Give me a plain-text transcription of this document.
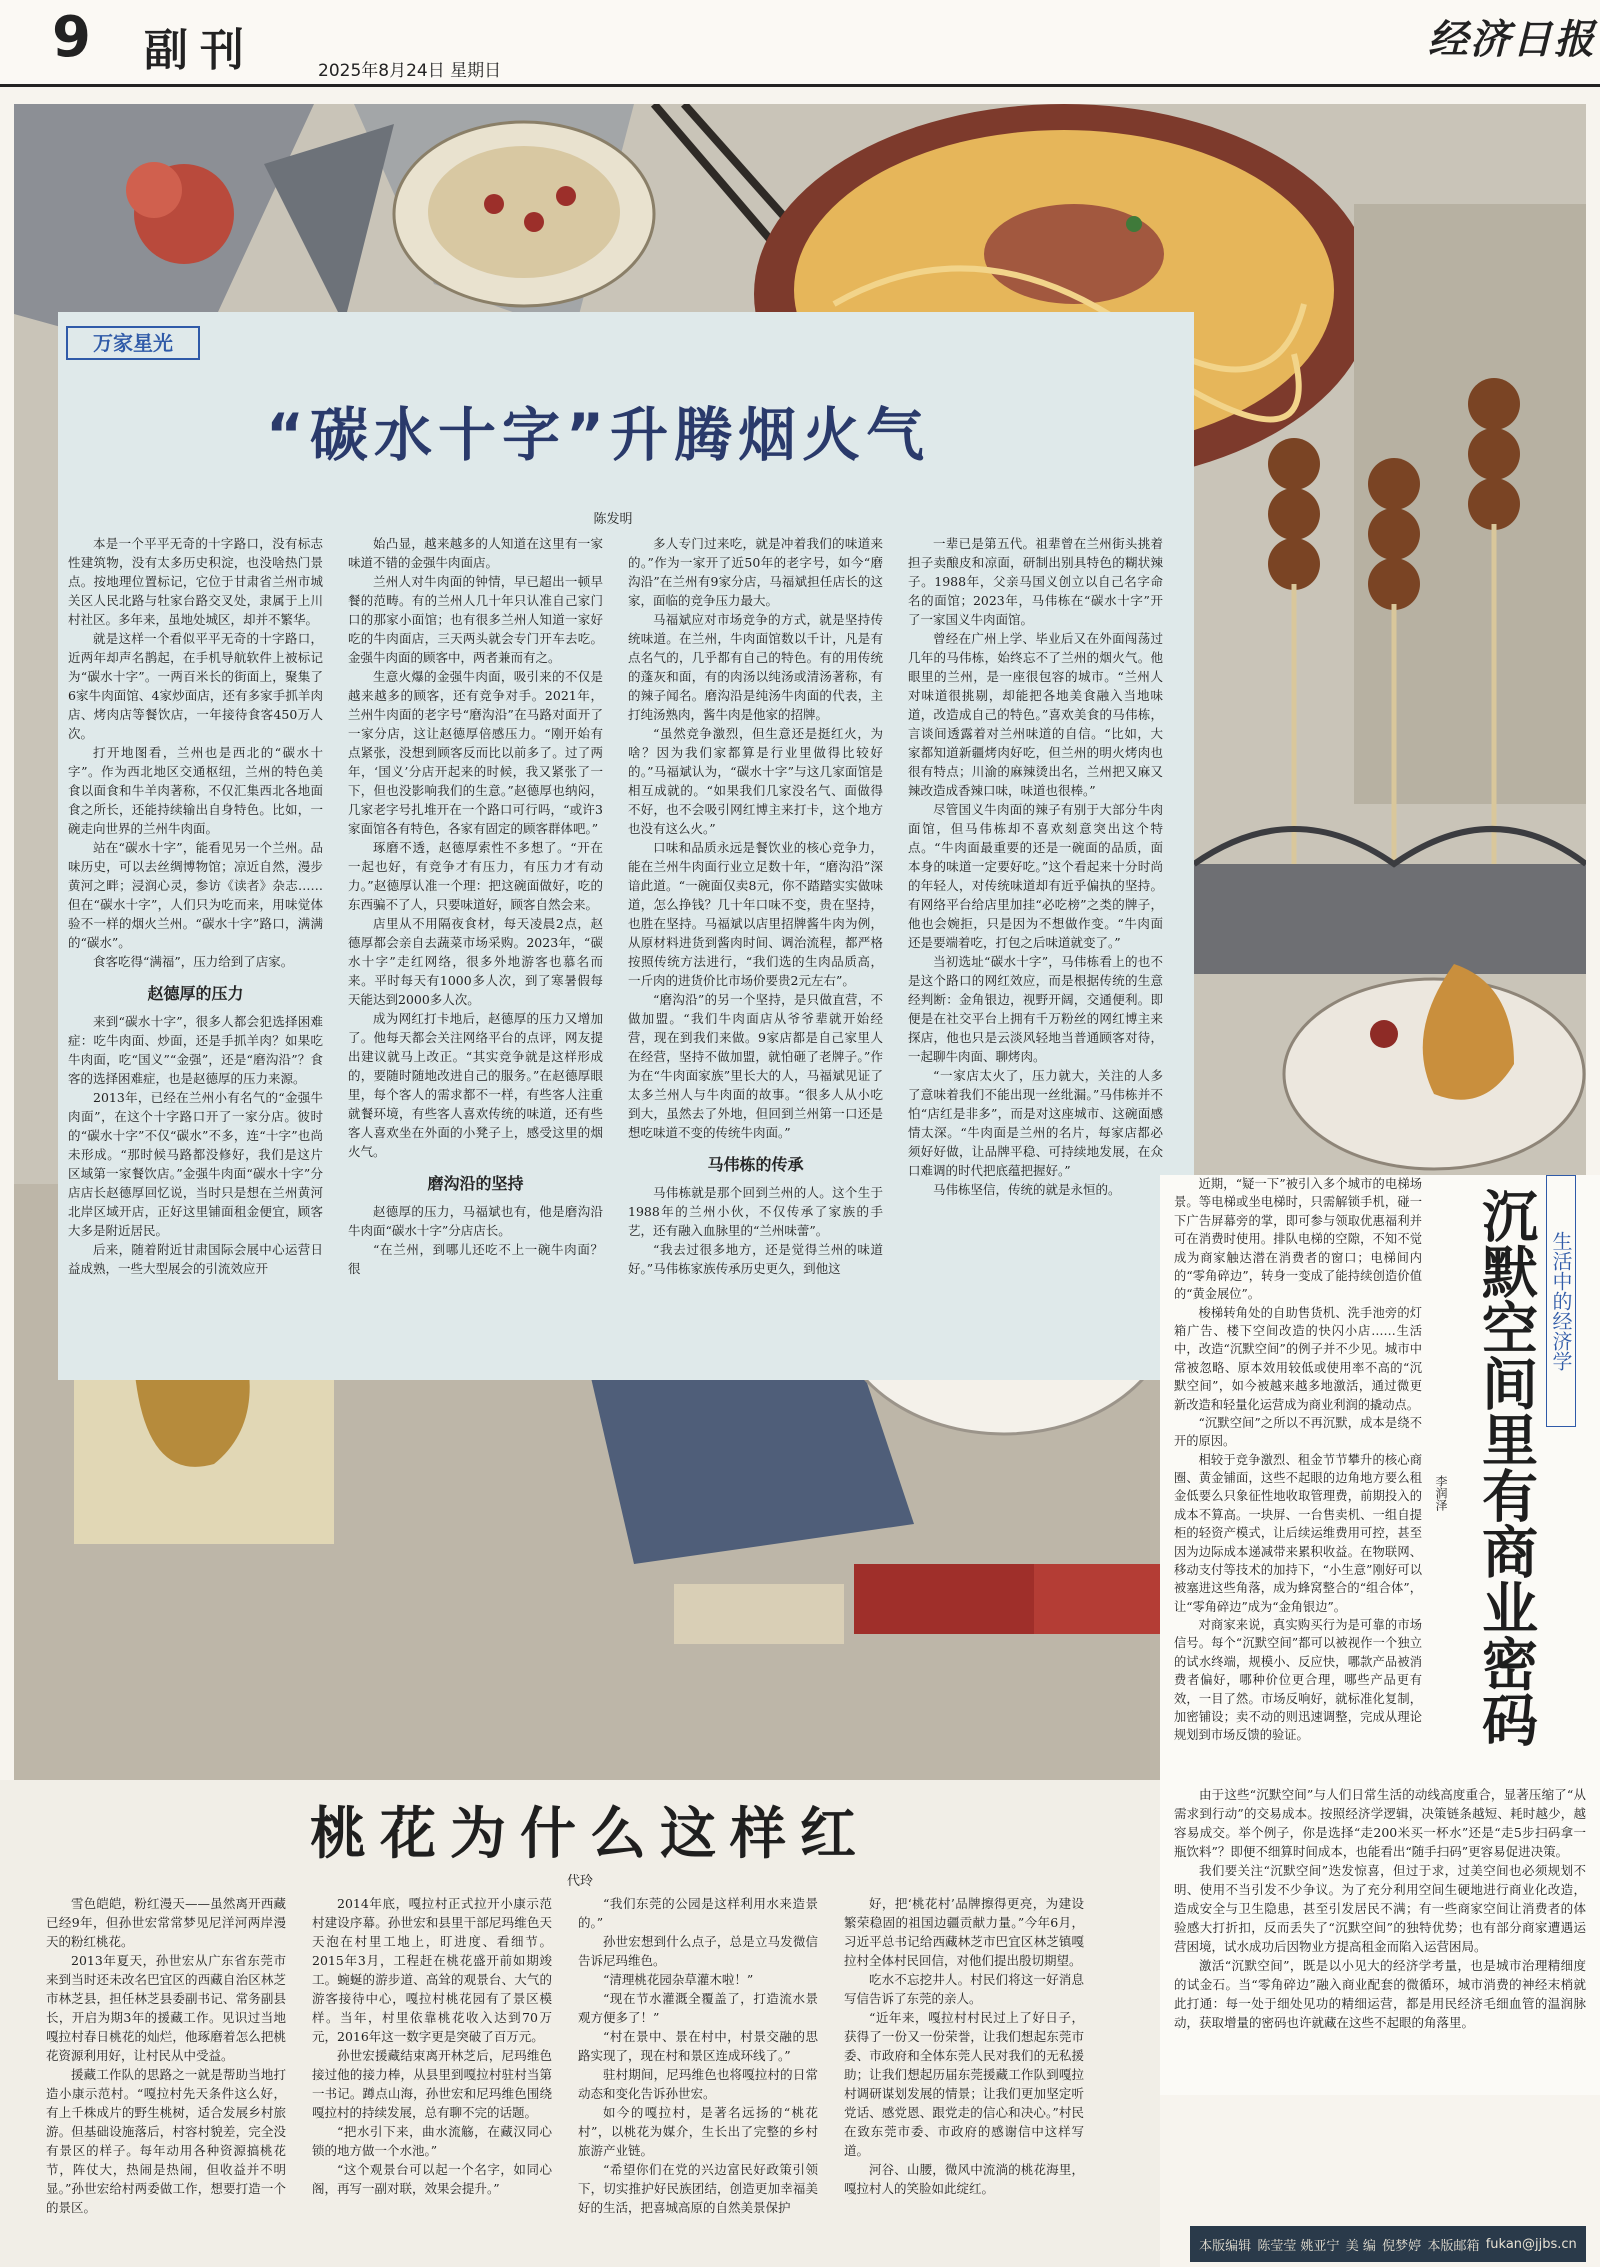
9 副刊	2025年8月24日 星期日
经济日报
万家星光
“碳水十字”升腾烟火气
陈发明

本是一个平平无奇的十字路口，没有标志性建筑物，没有太多历史积淀，也没啥热门景点。按地理位置标记，它位于甘肃省兰州市城关区人民北路与牡家台路交叉处，隶属于上川村社区。多年来，虽地处城区，却并不繁华。

就是这样一个看似平平无奇的十字路口，近两年却声名鹊起，在手机导航软件上被标记为“碳水十字”。一两百米长的街面上，聚集了6家牛肉面馆、4家炒面店，还有多家手抓羊肉店、烤肉店等餐饮店，一年接待食客450万人次。

打开地图看，兰州也是西北的“碳水十字”。作为西北地区交通枢纽，兰州的特色美食以面食和牛羊肉著称，不仅汇集西北各地面食之所长，还能持续输出自身特色。比如，一碗走向世界的兰州牛肉面。

站在“碳水十字”，能看见另一个兰州。品味历史，可以去丝绸博物馆；凉近自然，漫步黄河之畔；浸润心灵，参访《读者》杂志……但在“碳水十字”，人们只为吃而来，用味觉体验不一样的烟火兰州。“碳水十字”路口，满满的“碳水”。

食客吃得“满福”，压力给到了店家。

赵德厚的压力

来到“碳水十字”，很多人都会犯选择困难症：吃牛肉面、炒面，还是手抓羊肉？如果吃牛肉面，吃“国义”“金强”，还是“磨沟沿”？食客的选择困难症，也是赵德厚的压力来源。

2013年，已经在兰州小有名气的“金强牛肉面”，在这个十字路口开了一家分店。彼时的“碳水十字”不仅“碳水”不多，连“十字”也尚未形成。“那时候马路都没修好，我们是这片区域第一家餐饮店。”金强牛肉面“碳水十字”分店店长赵德厚回忆说，当时只是想在兰州黄河北岸区域开店，正好这里铺面租金便宜，顾客大多是附近居民。

后来，随着附近甘肃国际会展中心运营日益成熟，一些大型展会的引流效应开

始凸显，越来越多的人知道在这里有一家味道不错的金强牛肉面店。

兰州人对牛肉面的钟情，早已超出一顿早餐的范畴。有的兰州人几十年只认准自己家门口的那家小面馆；也有很多兰州人知道一家好吃的牛肉面店，三天两头就会专门开车去吃。金强牛肉面的顾客中，两者兼而有之。

生意火爆的金强牛肉面，吸引来的不仅是越来越多的顾客，还有竞争对手。2021年，兰州牛肉面的老字号“磨沟沿”在马路对面开了一家分店，这让赵德厚倍感压力。“刚开始有点紧张，没想到顾客反而比以前多了。过了两年，‘国义’分店开起来的时候，我又紧张了一下，但也没影响我们的生意。”赵德厚也纳闷，几家老字号扎堆开在一个路口可行吗，“或许3家面馆各有特色，各家有固定的顾客群体吧。”

琢磨不透，赵德厚索性不多想了。“开在一起也好，有竞争才有压力，有压力才有动力。”赵德厚认准一个理：把这碗面做好，吃的东西骗不了人，只要味道好，顾客自然会来。

店里从不用隔夜食材，每天凌晨2点，赵德厚都会亲自去蔬菜市场采购。2023年，“碳水十字”走红网络，很多外地游客也慕名而来。平时每天有1000多人次，到了寒暑假每天能达到2000多人次。

成为网红打卡地后，赵德厚的压力又增加了。他每天都会关注网络平台的点评，网友提出建议就马上改正。“其实竞争就是这样形成的，要随时随地改进自己的服务。”在赵德厚眼里，每个客人的需求都不一样，有些客人注重就餐环境，有些客人喜欢传统的味道，还有些客人喜欢坐在外面的小凳子上，感受这里的烟火气。

磨沟沿的坚持

赵德厚的压力，马福斌也有，他是磨沟沿牛肉面“碳水十字”分店店长。

“在兰州，到哪儿还吃不上一碗牛肉面？很

多人专门过来吃，就是冲着我们的味道来的。”作为一家开了近50年的老字号，如今“磨沟沿”在兰州有9家分店，马福斌担任店长的这家，面临的竞争压力最大。

马福斌应对市场竞争的方式，就是坚持传统味道。在兰州，牛肉面馆数以千计，凡是有点名气的，几乎都有自己的特色。有的用传统的蓬灰和面，有的肉汤以纯汤或清汤著称，有的辣子闻名。磨沟沿是纯汤牛肉面的代表，主打纯汤熟肉，酱牛肉是他家的招牌。

“虽然竞争激烈，但生意还是挺红火，为啥？因为我们家都算是行业里做得比较好的。”马福斌认为，“碳水十字”与这几家面馆是相互成就的。“如果我们几家没名气、面做得不好，也不会吸引网红博主来打卡，这个地方也没有这么火。”

口味和品质永远是餐饮业的核心竞争力，能在兰州牛肉面行业立足数十年，“磨沟沿”深谙此道。“一碗面仅卖8元，你不踏踏实实做味道，怎么挣钱？几十年口味不变，贵在坚持，也胜在坚持。马福斌以店里招牌酱牛肉为例，从原材料进货到酱肉时间、调治流程，都严格按照传统方法进行，“我们选的生肉品质高，一斤肉的进货价比市场价要贵2元左右”。

“磨沟沿”的另一个坚持，是只做直营，不做加盟。“我们牛肉面店从爷爷辈就开始经营，现在到我们来做。9家店都是自己家里人在经营，坚持不做加盟，就怕砸了老牌子。”作为在“牛肉面家族”里长大的人，马福斌见证了太多兰州人与牛肉面的故事。“很多人从小吃到大，虽然去了外地，但回到兰州第一口还是想吃味道不变的传统牛肉面。”

马伟栋的传承

马伟栋就是那个回到兰州的人。这个生于1988年的兰州小伙，不仅传承了家族的手艺，还有融入血脉里的“兰州味蕾”。

“我去过很多地方，还是觉得兰州的味道好。”马伟栋家族传承历史更久，到他这

一辈已是第五代。祖辈曾在兰州街头挑着担子卖酿皮和凉面，研制出别具特色的糊状辣子。1988年，父亲马国义创立以自己名字命名的面馆；2023年，马伟栋在“碳水十字”开了一家国义牛肉面馆。

曾经在广州上学、毕业后又在外面闯荡过几年的马伟栋，始终忘不了兰州的烟火气。他眼里的兰州，是一座很包容的城市。“兰州人对味道很挑剔，却能把各地美食融入当地味道，改造成自己的特色。”喜欢美食的马伟栋，言谈间透露着对兰州味道的自信。“比如，大家都知道新疆烤肉好吃，但兰州的明火烤肉也很有特点；川渝的麻辣烫出名，兰州把又麻又辣改造成香辣口味，味道也很棒。”

尽管国义牛肉面的辣子有别于大部分牛肉面馆，但马伟栋却不喜欢刻意突出这个特点。“牛肉面最重要的还是一碗面的品质，面本身的味道一定要好吃。”这个看起来十分时尚的年轻人，对传统味道却有近乎偏执的坚持。有网络平台给店里加挂“必吃榜”之类的牌子，他也会婉拒，只是因为不想做作变。“牛肉面还是要端着吃，打包之后味道就变了。”

当初选址“碳水十字”，马伟栋看上的也不是这个路口的网红效应，而是根据传统的生意经判断：金角银边，视野开阔，交通便利。即便是在社交平台上拥有千万粉丝的网红博主来探店，他也只是云淡风轻地当普通顾客对待，一起聊牛肉面、聊烤肉。

“一家店太火了，压力就大，关注的人多了意味着我们不能出现一丝纰漏。”马伟栋并不怕“店红是非多”，而是对这座城市、这碗面感情太深。“牛肉面是兰州的名片，每家店都必须好好做，让品牌平稳、可持续地发展，在众口难调的时代把底蕴把握好。”

马伟栋坚信，传统的就是永恒的。

生活中的经济学
沉默空间里有商业密码
李润泽

近期，“疑一下”被引入多个城市的电梯场景。等电梯或坐电梯时，只需解锁手机，碰一下广告屏幕旁的掌，即可参与领取优惠福利并可在消费时使用。排队电梯的空隙，不知不觉成为商家触达潜在消费者的窗口；电梯间内的“零角碎边”，转身一变成了能持续创造价值的“黄金展位”。

梭梯转角处的自助售货机、洗手池旁的灯箱广告、楼下空间改造的快闪小店……生活中，改造“沉默空间”的例子并不少见。城市中常被忽略、原本效用较低或使用率不高的“沉默空间”，如今被越来越多地激活，通过微更新改造和轻量化运营成为商业利润的撬动点。

“沉默空间”之所以不再沉默，成本是绕不开的原因。

相较于竞争激烈、租金节节攀升的核心商圈、黄金铺面，这些不起眼的边角地方要么租金低要么只象征性地收取管理费，前期投入的成本不算高。一块屏、一台售卖机、一组自提柜的轻资产模式，让后续运维费用可控，甚至因为边际成本递减带来累积收益。在物联网、移动支付等技术的加持下，“小生意”刚好可以被塞进这些角落，成为蜂窝整合的“组合体”，让“零角碎边”成为“金角银边”。

对商家来说，真实购买行为是可靠的市场信号。每个“沉默空间”都可以被视作一个独立的试水终端，规模小、反应快，哪款产品被消费者偏好，哪种价位更合理，哪些产品更有效，一目了然。市场反响好，就标准化复制，加密铺设；卖不动的则迅速调整，完成从理论规划到市场反馈的验证。

由于这些“沉默空间”与人们日常生活的动线高度重合，显著压缩了“从需求到行动”的交易成本。按照经济学逻辑，决策链条越短、耗时越少，越容易成交。举个例子，你是选择“走200米买一杯水”还是“走5步扫码拿一瓶饮料”？即便不细算时间成本，也能看出“随手扫码”更容易促进决策。

我们要关注“沉默空间”迭发惊喜，但过于求，过美空间也必须规划不明、使用不当引发不少争议。为了充分利用空间生硬地进行商业化改造，造成安全与卫生隐患，甚至引发居民不满；有一些商家空间让消费者的体验感大打折扣，反而丢失了“沉默空间”的独特优势；也有部分商家遭遇运营困境，试水成功后因物业方提高租金而陷入运营困局。

激活“沉默空间”，既是以小见大的经济学考量，也是城市治理精细度的试金石。当“零角碎边”融入商业配套的微循环，城市消费的神经末梢就此打通：每一处于细处见功的精细运营，都是用民经济毛细血管的温润脉动，获取增量的密码也许就藏在这些不起眼的角落里。

桃花为什么这样红
代玲

雪色皑皑，粉红漫天——虽然离开西藏已经9年，但孙世宏常常梦见尼洋河两岸漫天的粉红桃花。

2013年夏天，孙世宏从广东省东莞市来到当时还未改名巴宜区的西藏自治区林芝市林芝县，担任林芝县委副书记、常务副县长，开启为期3年的援藏工作。见识过当地嘎拉村春日桃花的灿烂，他琢磨着怎么把桃花资源利用好，让村民从中受益。

援藏工作队的思路之一就是帮助当地打造小康示范村。“嘎拉村先天条件这么好，有上千株成片的野生桃树，适合发展乡村旅游。但基础设施落后，村容村貌差，完全没有景区的样子。每年动用各种资源搞桃花节，阵仗大，热闹是热闹，但收益并不明显。”孙世宏给村两委做工作，想要打造一个的景区。

2014年底，嘎拉村正式拉开小康示范村建设序幕。孙世宏和县里干部尼玛维色天天泡在村里工地上，盯进度、看细节。2015年3月，工程赶在桃花盛开前如期竣工。蜿蜒的游步道、高耸的观景台、大气的游客接待中心，嘎拉村桃花园有了景区模样。当年，村里依靠桃花收入达到70万元，2016年这一数字更是突破了百万元。

孙世宏援藏结束离开林芝后，尼玛维色接过他的接力棒，从县里到嘎拉村驻村当第一书记。蹲点山海，孙世宏和尼玛维色围绕嘎拉村的持续发展，总有聊不完的话题。

“把水引下来，曲水流觞，在藏汉同心锁的地方做一个水池。”

“这个观景台可以起一个名字，如同心阁，再写一副对联，效果会提升。”

“我们东莞的公园是这样利用水来造景的。”

孙世宏想到什么点子，总是立马发微信告诉尼玛维色。

“清理桃花园杂草灌木啦！”

“现在节水灌溉全覆盖了，打造流水景观方便多了！”

“村在景中、景在村中，村景交融的思路实现了，现在村和景区连成环线了。”

驻村期间，尼玛维色也将嘎拉村的日常动态和变化告诉孙世宏。

如今的嘎拉村，是著名远扬的“桃花村”，以桃花为媒介，生长出了完整的乡村旅游产业链。

“希望你们在党的兴边富民好政策引领下，切实推护好民族团结，创造更加幸福美好的生活，把喜城高原的自然美景保护

好，把‘桃花村’品牌擦得更亮，为建设繁荣稳固的祖国边疆贡献力量。”今年6月，习近平总书记给西藏林芝市巴宜区林芝镇嘎拉村全体村民回信，对他们提出殷切期望。

吃水不忘挖井人。村民们将这一好消息写信告诉了东莞的亲人。

“近年来，嘎拉村村民过上了好日子，获得了一份又一份荣誉，让我们想起东莞市委、市政府和全体东莞人民对我们的无私援助；让我们想起历届东莞援藏工作队到嘎拉村调研谋划发展的情景；让我们更加坚定听党话、感党恩、跟党走的信心和决心。”村民在致东莞市委、市政府的感谢信中这样写道。

河谷、山腰，微风中流淌的桃花海里，嘎拉村人的笑脸如此绽红。

本版编辑 陈莹莹 姚亚宁 美 编 倪梦婷 本版邮箱 fukan@jjbs.cn
